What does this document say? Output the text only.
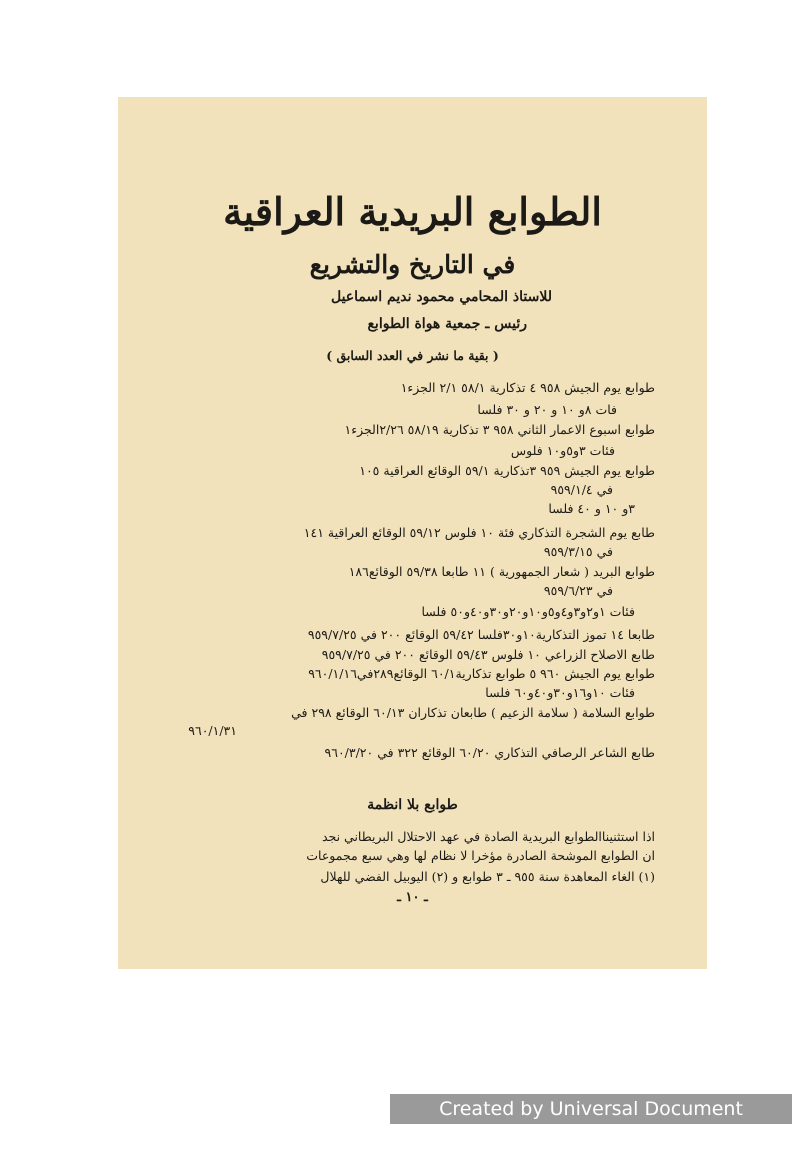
الطوابع البريدية العراقية
في التاريخ والتشريع
للاستاذ المحامي محمود نديم اسماعيل
رئيس ـ جمعية هواة الطوابع
( بقية ما نشر في العدد السابق )
طوابع يوم الجيش ٩٥٨ ٤ تذكارية ٥٨/١ ٢/١ الجزء١
فات ٨و ١٠ و ٢٠ و ٣٠ فلسا
طوابع اسبوع الاعمار الثاني ٩٥٨ ٣ تذكارية ٥٨/١٩ ٢/٢٦الجزء١
فئات ٣و٥و١٠ فلوس
طوابع يوم الجيش ٩٥٩ ٣تذكارية ٥٩/١ الوقائع العراقية ١٠٥
في ٩٥٩/١/٤
٣و ١٠ و ٤٠ فلسا
طابع يوم الشجرة التذكاري فئة ١٠ فلوس ٥٩/١٢ الوقائع العراقية ١٤١
في ٩٥٩/٣/١٥
طوابع البريد ( شعار الجمهورية ) ١١ طابعا ٥٩/٣٨ الوقائع١٨٦
في ٩٥٩/٦/٢٣
فئات ١و٢و٣و٤و٥و١٠و٢٠و٣٠و٤٠و٥٠ فلسا
طابعا ١٤ تموز التذكارية١٠و٣٠فلسا ٥٩/٤٢ الوقائع ٢٠٠ في ٩٥٩/٧/٢٥
طابع الاصلاح الزراعي ١٠ فلوس ٥٩/٤٣ الوقائع ٢٠٠ في ٩٥٩/٧/٢٥
طوابع يوم الجيش ٩٦٠ ٥ طوابع تذكارية٦٠/١ الوقائع٢٨٩في٩٦٠/١/١٦
فئات ١٠و١٦و٣٠و٤٠و٦٠ فلسا
طوابع السلامة ( سلامة الزعيم ) طابعان تذكاران ٦٠/١٣ الوقائع ٢٩٨ في
٩٦٠/١/٣١
طابع الشاعر الرصافي التذكاري ٦٠/٢٠ الوقائع ٣٢٢ في ٩٦٠/٣/٢٠
طوابع بلا انظمة
اذا استثنيناالطوابع البريدية الصادة في عهد الاحتلال البريطاني نجد
ان الطوابع الموشحة الصادرة مؤخرا لا نظام لها وهي سبع مجموعات
(١) الغاء المعاهدة سنة ٩٥٥ ـ ٣ طوابع و (٢) اليوبيل الفضي للهلال
ـ ١٠ ـ
Created by Universal Document Converter
